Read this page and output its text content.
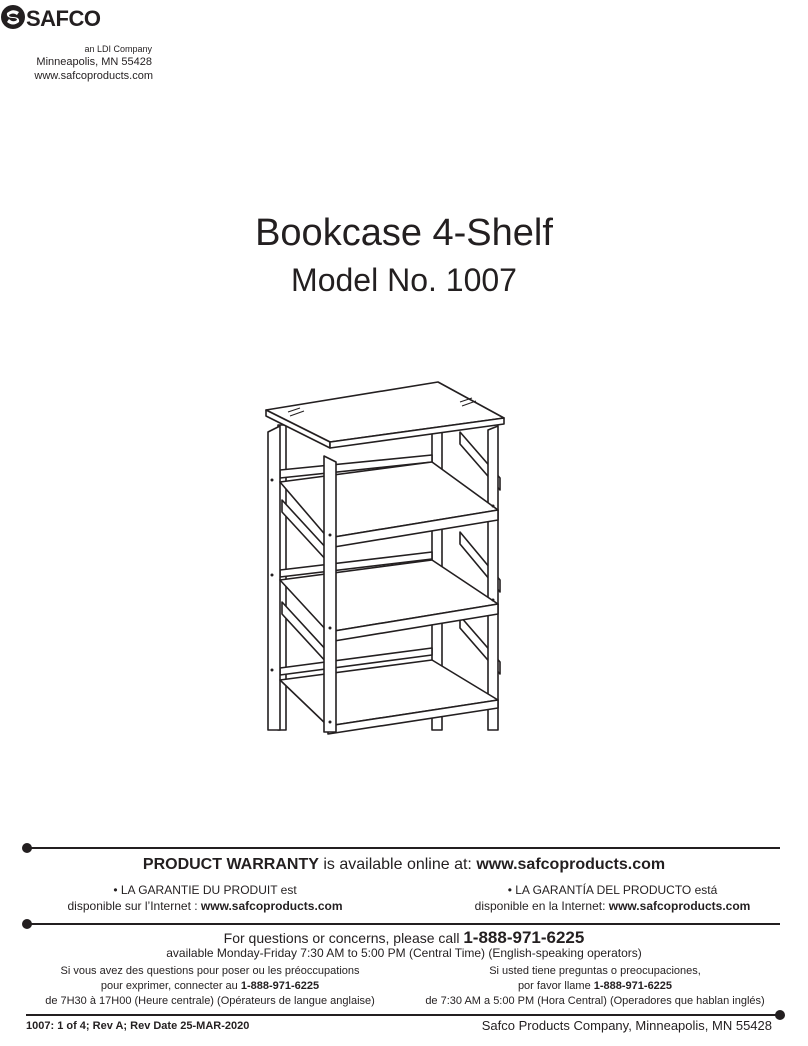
SAFCO
an LDI Company
Minneapolis, MN 55428
www.safcoproducts.com
Bookcase 4-Shelf
Model No. 1007
PRODUCT WARRANTY is available online at: www.safcoproducts.com
• LA GARANTIE DU PRODUIT est
disponible sur l’Internet : www.safcoproducts.com
• LA GARANTÍA DEL PRODUCTO está
disponible en la Internet: www.safcoproducts.com
For questions or concerns, please call 1-888-971-6225
available Monday-Friday 7:30 AM to 5:00 PM (Central Time) (English-speaking operators)
Si vous avez des questions pour poser ou les préoccupations
pour exprimer, connecter au 1-888-971-6225
de 7H30 à 17H00 (Heure centrale) (Opérateurs de langue anglaise)
Si usted tiene preguntas o preocupaciones,
por favor llame 1-888-971-6225
de 7:30 AM a 5:00 PM (Hora Central) (Operadores que hablan inglés)
1007: 1 of 4; Rev A; Rev Date 25-MAR-2020	Safco Products Company, Minneapolis, MN 55428
